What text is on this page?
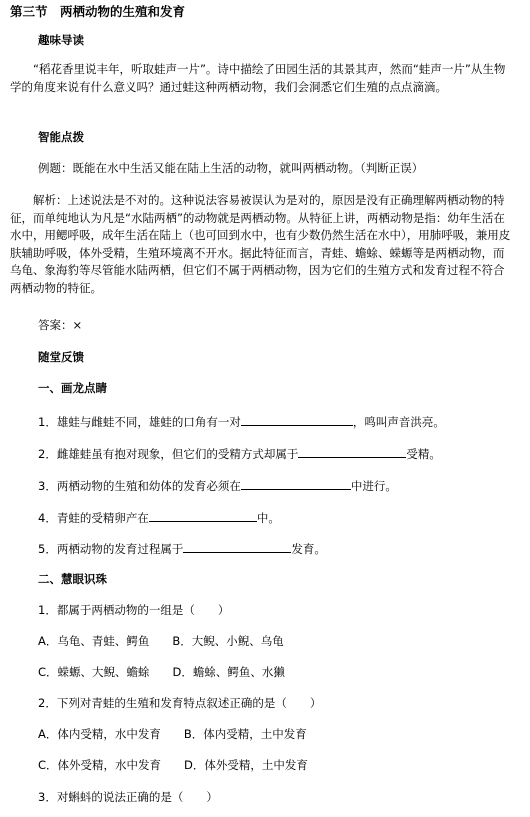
第三节　两栖动物的生殖和发育
趣味导读
“稻花香里说丰年，听取蛙声一片”。诗中描绘了田园生活的其景其声，然而“蛙声一片”从生物学的角度来说有什么意义吗？通过蛙这种两栖动物，我们会洞悉它们生殖的点点滴滴。
智能点拨
例题：既能在水中生活又能在陆上生活的动物，就叫两栖动物。（判断正误）
解析：上述说法是不对的。这种说法容易被误认为是对的，原因是没有正确理解两栖动物的特征，而单纯地认为凡是“水陆两栖”的动物就是两栖动物。从特征上讲，两栖动物是指：幼年生活在水中，用鳃呼吸，成年生活在陆上（也可回到水中，也有少数仍然生活在水中），用肺呼吸，兼用皮肤辅助呼吸，体外受精，生殖环境离不开水。据此特征而言，青蛙、蟾蜍、蝾螈等是两栖动物，而乌龟、象海豹等尽管能水陆两栖，但它们不属于两栖动物，因为它们的生殖方式和发育过程不符合两栖动物的特征。
答案：×
随堂反馈
一、画龙点睛
1．雄蛙与雌蛙不同，雄蛙的口角有一对	，鸣叫声音洪亮。
2．雌雄蛙虽有抱对现象，但它们的受精方式却属于	受精。
3．两栖动物的生殖和幼体的发育必须在	中进行。
4．青蛙的受精卵产在	中。
5．两栖动物的发育过程属于	发育。
二、慧眼识珠
1．都属于两栖动物的一组是（　　）
A．乌龟、青蛙、鳄鱼　　B．大鲵、小鲵、乌龟
C．蝾螈、大鲵、蟾蜍　　D．蟾蜍、鳄鱼、水獭
2．下列对青蛙的生殖和发育特点叙述正确的是（　　）
A．体内受精，水中发育　　B．体内受精，土中发育
C．体外受精，水中发育　　D．体外受精，土中发育
3．对蝌蚪的说法正确的是（　　）
